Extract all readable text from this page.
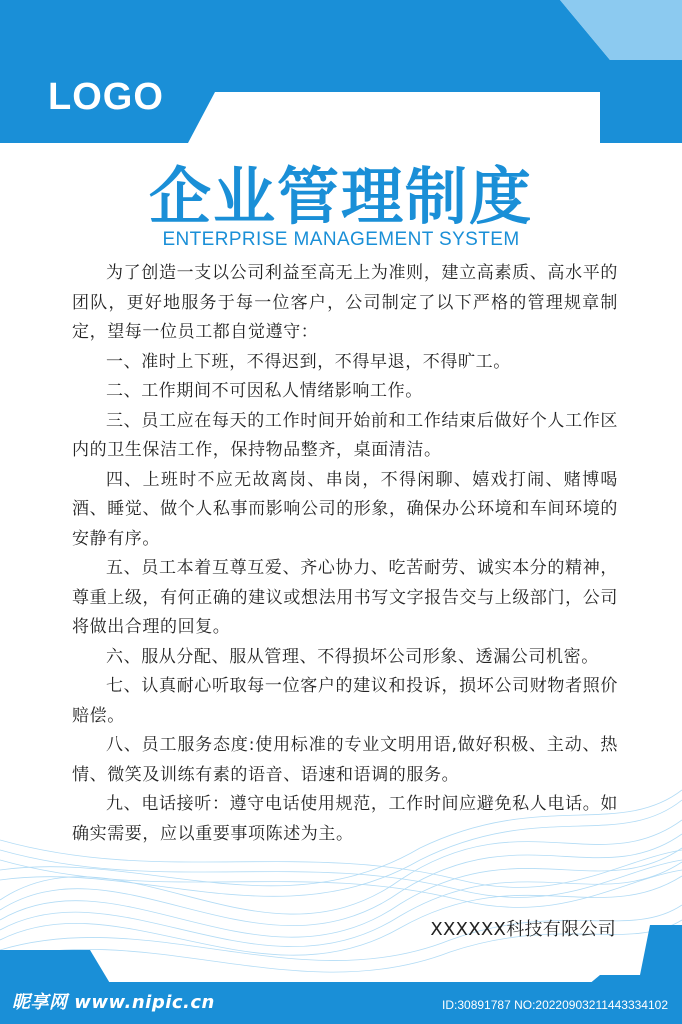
LOGO
企业管理制度
ENTERPRISE MANAGEMENT SYSTEM

为了创造一支以公司利益至高无上为准则，建立高素质、高水平的团队，更好地服务于每一位客户，公司制定了以下严格的管理规章制定，望每一位员工都自觉遵守：

一、准时上下班，不得迟到，不得早退，不得旷工。

二、工作期间不可因私人情绪影响工作。

三、员工应在每天的工作时间开始前和工作结束后做好个人工作区内的卫生保洁工作，保持物品整齐，桌面清洁。

四、上班时不应无故离岗、串岗，不得闲聊、嬉戏打闹、赌博喝酒、睡觉、做个人私事而影响公司的形象，确保办公环境和车间环境的安静有序。

五、员工本着互尊互爱、齐心协力、吃苦耐劳、诚实本分的精神，尊重上级，有何正确的建议或想法用书写文字报告交与上级部门，公司将做出合理的回复。

六、服从分配、服从管理、不得损坏公司形象、透漏公司机密。

七、认真耐心听取每一位客户的建议和投诉，损坏公司财物者照价赔偿。

八、员工服务态度:使用标准的专业文明用语,做好积极、主动、热情、微笑及训练有素的语音、语速和语调的服务。

九、电话接听：遵守电话使用规范，工作时间应避免私人电话。如确实需要，应以重要事项陈述为主。

XXXXXX科技有限公司
昵享网 www.nipic.cn	ID:30891787 NO:20220903211443334102
